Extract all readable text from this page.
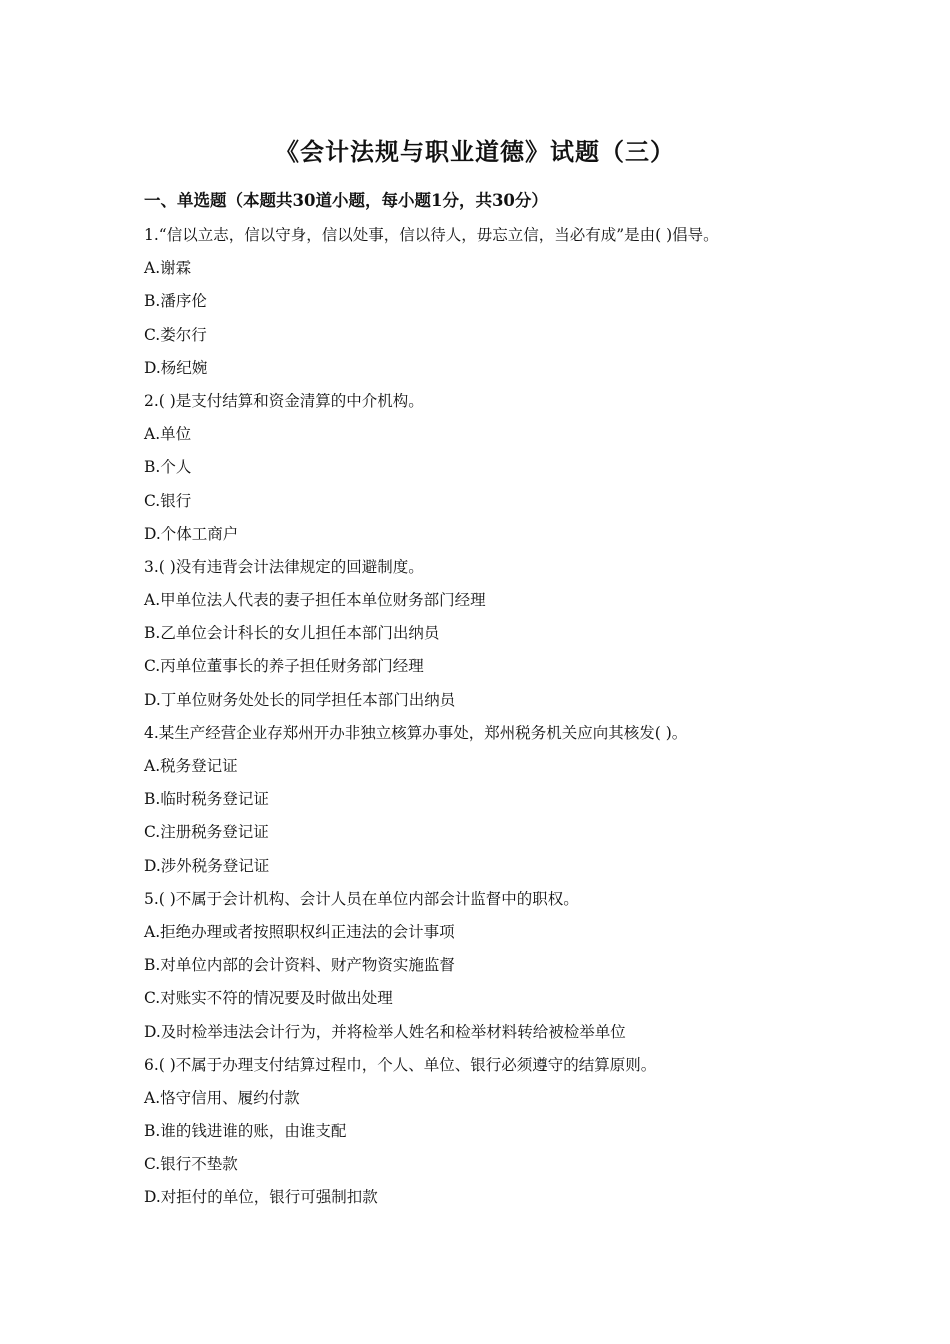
《会计法规与职业道德》试题（三）
一、单选题（本题共30道小题，每小题1分，共30分）
1.“信以立志，信以守身，信以处事，信以待人，毋忘立信，当必有成”是由( )倡导。
A.谢霖
B.潘序伦
C.娄尔行
D.杨纪婉
2.( )是支付结算和资金清算的中介机构。
A.单位
B.个人
C.银行
D.个体工商户
3.( )没有违背会计法律规定的回避制度。
A.甲单位法人代表的妻子担任本单位财务部门经理
B.乙单位会计科长的女儿担任本部门出纳员
C.丙单位董事长的养子担任财务部门经理
D.丁单位财务处处长的同学担任本部门出纳员
4.某生产经营企业存郑州开办非独立核算办事处，郑州税务机关应向其核发( )。
A.税务登记证
B.临时税务登记证
C.注册税务登记证
D.涉外税务登记证
5.( )不属于会计机构、会计人员在单位内部会计监督中的职权。
A.拒绝办理或者按照职权纠正违法的会计事项
B.对单位内部的会计资料、财产物资实施监督
C.对账实不符的情况要及时做出处理
D.及时检举违法会计行为，并将检举人姓名和检举材料转给被检举单位
6.( )不属于办理支付结算过程巾，个人、单位、银行必须遵守的结算原则。
A.恪守信用、履约付款
B.谁的钱进谁的账，由谁支配
C.银行不垫款
D.对拒付的单位，银行可强制扣款
